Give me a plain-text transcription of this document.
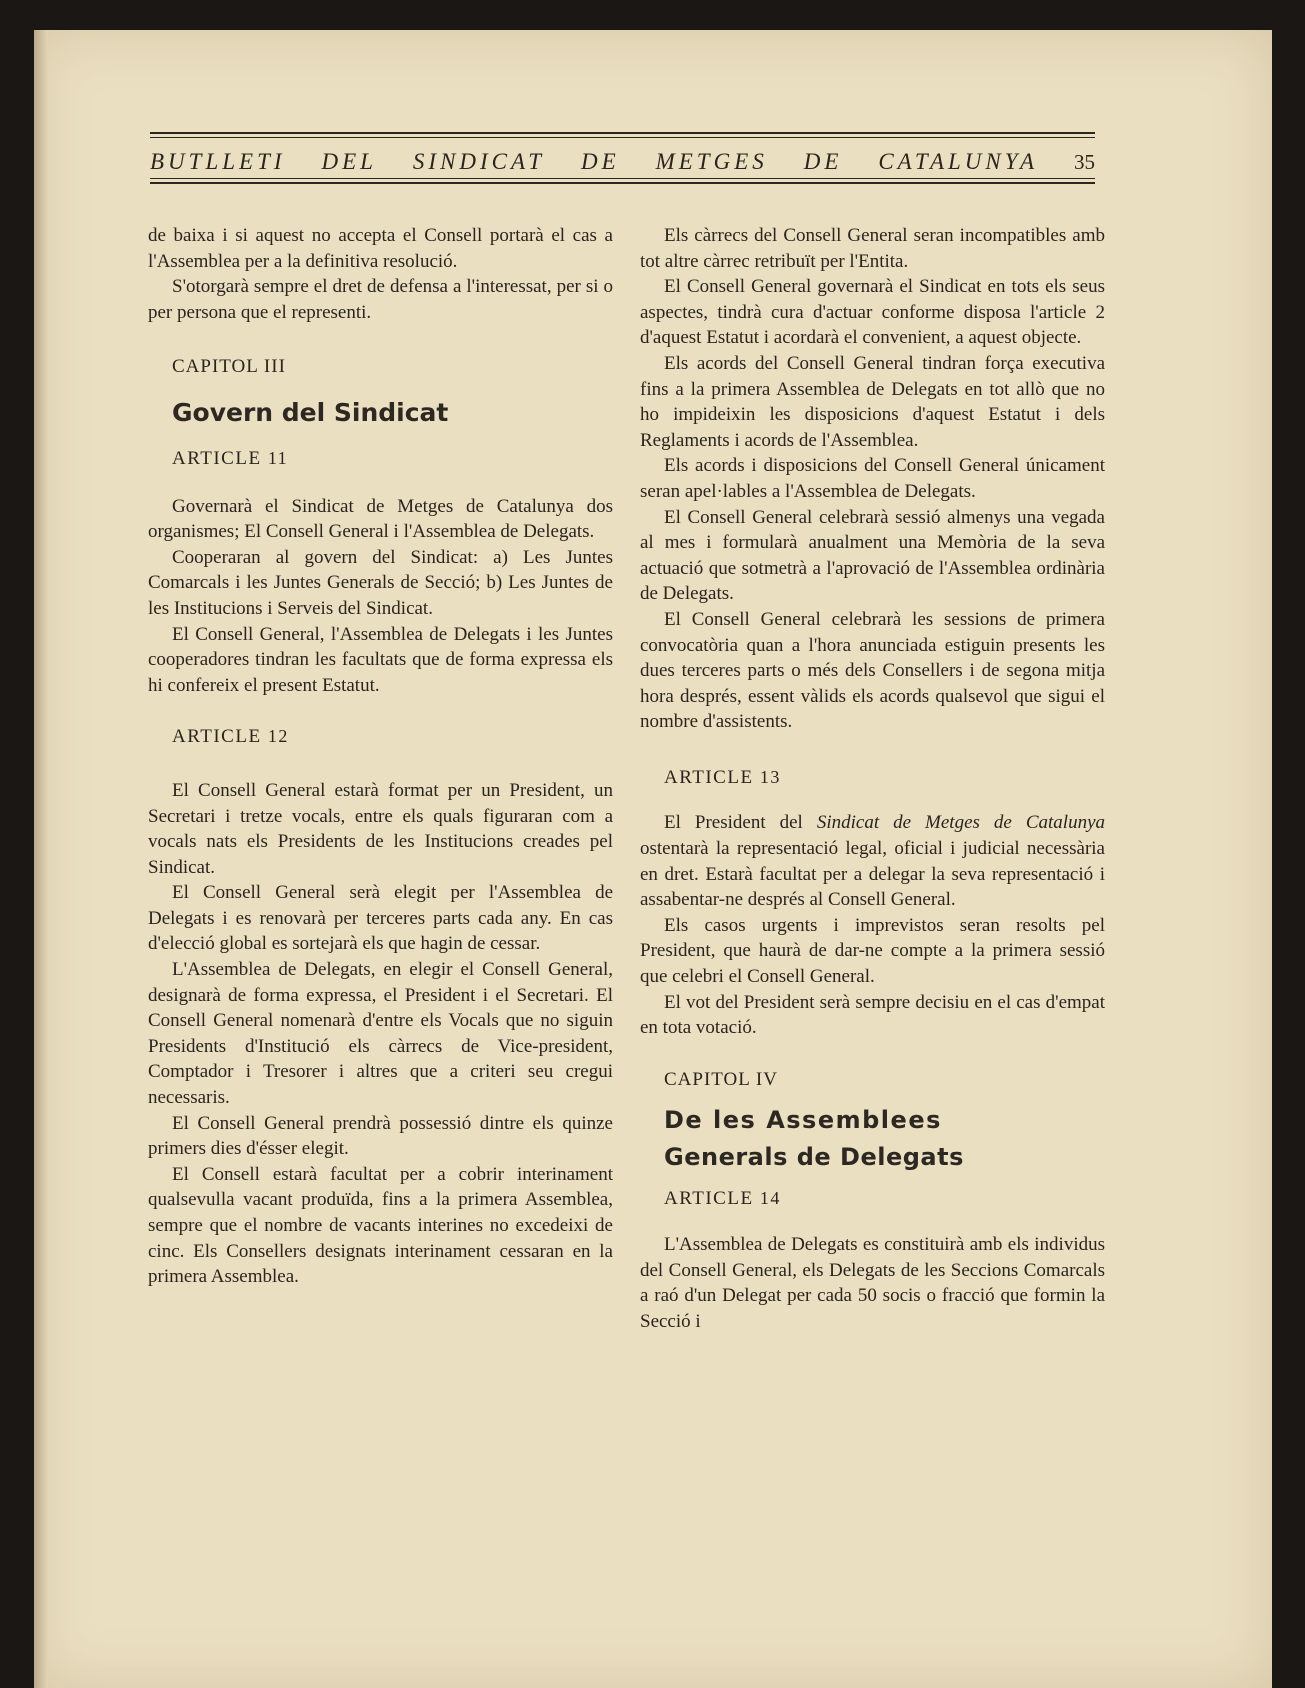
BUTLLETI DEL SINDICAT DE METGES DE CATALUNYA 35

de baixa i si aquest no accepta el Consell portarà el cas a l'Assemblea per a la definitiva resolució.

S'otorgarà sempre el dret de defensa a l'interessat, per si o per persona que el representi.

CAPITOL III

Govern del Sindicat

ARTICLE 11

Governarà el Sindicat de Metges de Catalunya dos organismes; El Consell General i l'Assemblea de Delegats.

Cooperaran al govern del Sindicat: a) Les Juntes Comarcals i les Juntes Generals de Secció; b) Les Juntes de les Institucions i Serveis del Sindicat.

El Consell General, l'Assemblea de Delegats i les Juntes cooperadores tindran les facultats que de forma expressa els hi confereix el present Estatut.

ARTICLE 12

El Consell General estarà format per un President, un Secretari i tretze vocals, entre els quals figuraran com a vocals nats els Presidents de les Institucions creades pel Sindicat.

El Consell General serà elegit per l'Assemblea de Delegats i es renovarà per terceres parts cada any. En cas d'elecció global es sortejarà els que hagin de cessar.

L'Assemblea de Delegats, en elegir el Consell General, designarà de forma expressa, el President i el Secretari. El Consell General nomenarà d'entre els Vocals que no siguin Presidents d'Institució els càrrecs de Vice-president, Comptador i Tresorer i altres que a criteri seu cregui necessaris.

El Consell General prendrà possessió dintre els quinze primers dies d'ésser elegit.

El Consell estarà facultat per a cobrir interinament qualsevulla vacant produïda, fins a la primera Assemblea, sempre que el nombre de vacants interines no excedeixi de cinc. Els Consellers designats interinament cessaran en la primera Assemblea.

Els càrrecs del Consell General seran incompatibles amb tot altre càrrec retribuït per l'Entita.

El Consell General governarà el Sindicat en tots els seus aspectes, tindrà cura d'actuar conforme disposa l'article 2 d'aquest Estatut i acordarà el convenient, a aquest objecte.

Els acords del Consell General tindran força executiva fins a la primera Assemblea de Delegats en tot allò que no ho impideixin les disposicions d'aquest Estatut i dels Reglaments i acords de l'Assemblea.

Els acords i disposicions del Consell General únicament seran apel·lables a l'Assemblea de Delegats.

El Consell General celebrarà sessió almenys una vegada al mes i formularà anualment una Memòria de la seva actuació que sotmetrà a l'aprovació de l'Assemblea ordinària de Delegats.

El Consell General celebrarà les sessions de primera convocatòria quan a l'hora anunciada estiguin presents les dues terceres parts o més dels Consellers i de segona mitja hora després, essent vàlids els acords qualsevol que sigui el nombre d'assistents.

ARTICLE 13

El President del Sindicat de Metges de Catalunya ostentarà la representació legal, oficial i judicial necessària en dret. Estarà facultat per a delegar la seva representació i assabentar-ne després al Consell General.

Els casos urgents i imprevistos seran resolts pel President, que haurà de dar-ne compte a la primera sessió que celebri el Consell General.

El vot del President serà sempre decisiu en el cas d'empat en tota votació.

CAPITOL IV

De les Assemblees

Generals de Delegats

ARTICLE 14

L'Assemblea de Delegats es constituirà amb els individus del Consell General, els Delegats de les Seccions Comarcals a raó d'un Delegat per cada 50 socis o fracció que formin la Secció i
